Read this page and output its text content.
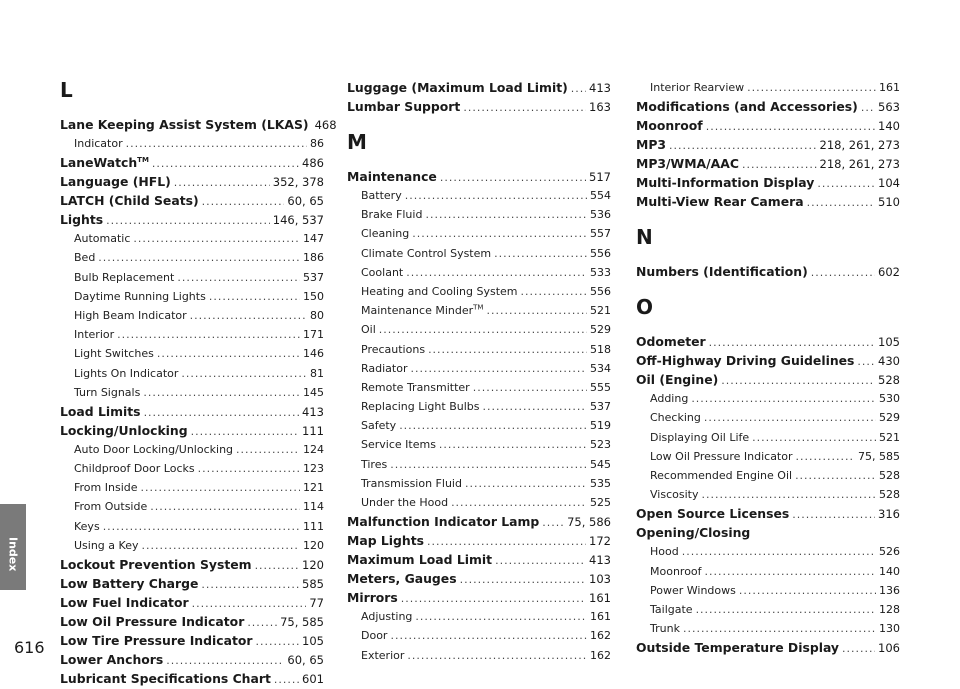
Index
616
L
Lane Keeping Assist System (LKAS) 468
Indicator .....	86
LaneWatch™ .....	486
Language (HFL) .....	352, 378
LATCH (Child Seats) .....	60, 65
Lights .....	146, 537
Automatic .....	147
Bed .....	186
Bulb Replacement .....	537
Daytime Running Lights .....	150
High Beam Indicator .....	80
Interior .....	171
Light Switches .....	146
Lights On Indicator .....	81
Turn Signals .....	145
Load Limits .....	413
Locking/Unlocking .....	111
Auto Door Locking/Unlocking .....	124
Childproof Door Locks .....	123
From Inside .....	121
From Outside .....	114
Keys .....	111
Using a Key .....	120
Lockout Prevention System .....	120
Low Battery Charge .....	585
Low Fuel Indicator .....	77
Low Oil Pressure Indicator .....	75, 585
Low Tire Pressure Indicator .....	105
Lower Anchors .....	60, 65
Lubricant Specifications Chart .....	601
Luggage (Maximum Load Limit) ..... 413
Lumbar Support .....	163
M
Maintenance .....	517
Battery .....	554
Brake Fluid .....	536
Cleaning .....	557
Climate Control System .....	556
Coolant .....	533
Heating and Cooling System .....	556
Maintenance Minder™ .....	521
Oil .....	529
Precautions .....	518
Radiator .....	534
Remote Transmitter .....	555
Replacing Light Bulbs .....	537
Safety .....	519
Service Items .....	523
Tires .....	545
Transmission Fluid .....	535
Under the Hood .....	525
Malfunction Indicator Lamp ..... 75, 586
Map Lights .....	172
Maximum Load Limit .....	413
Meters, Gauges .....	103
Mirrors .....	161
Adjusting .....	161
Door .....	162
Exterior .....	162
Interior Rearview .....	161
Modifications (and Accessories) ..... 563
Moonroof .....	140
MP3 .....	218, 261, 273
MP3/WMA/AAC .....	218, 261, 273
Multi-Information Display .....	104
Multi-View Rear Camera .....	510
N
Numbers (Identification) .....	602
O
Odometer .....	105
Off-Highway Driving Guidelines ..... 430
Oil (Engine) .....	528
Adding .....	530
Checking .....	529
Displaying Oil Life .....	521
Low Oil Pressure Indicator .....	75, 585
Recommended Engine Oil .....	528
Viscosity .....	528
Open Source Licenses .....	316
Opening/Closing
Hood .....	526
Moonroof .....	140
Power Windows .....	136
Tailgate .....	128
Trunk .....	130
Outside Temperature Display .....	106
